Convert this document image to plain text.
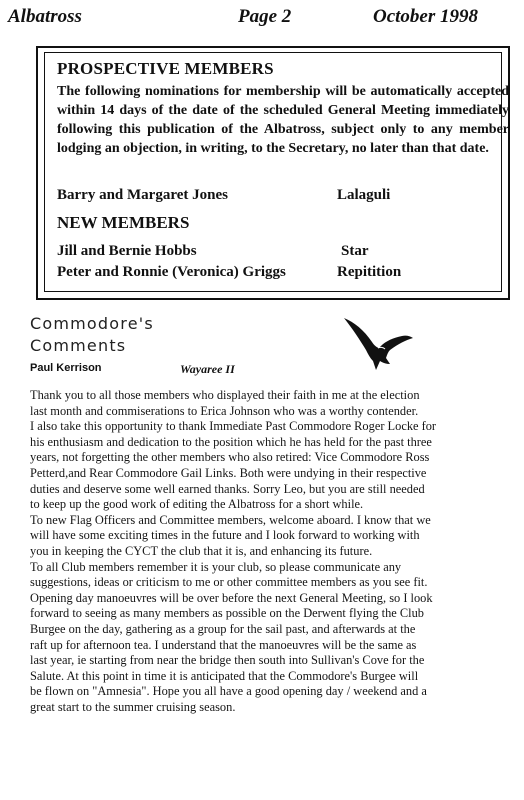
Albatross	Page 2	October 1998
PROSPECTIVE MEMBERS
The following nominations for membership will be automatically accepted within 14 days of the date of the scheduled General Meeting immediately following this publication of the Albatross, subject only to any member lodging an objection, in writing, to the Secretary, no later than that date.
Barry and Margaret Jones	Lalaguli
NEW MEMBERS
Jill and Bernie Hobbs	Star
Peter and Ronnie (Veronica) Griggs	Repitition
Commodore's
Comments
Paul Kerrison	Wayaree II
Thank you to all those members who displayed their faith in me at the election
last month and commiserations to Erica Johnson who was a worthy contender.
I also take this opportunity to thank Immediate Past Commodore Roger Locke for
his enthusiasm and dedication to the position which he has held for the past three
years, not forgetting the other members who also retired: Vice Commodore Ross
Petterd,and Rear Commodore Gail Links. Both were undying in their respective
duties and deserve some well earned thanks. Sorry Leo, but you are still needed
to keep up the good work of editing the Albatross for a short while.
To new Flag Officers and Committee members, welcome aboard. I know that we
will have some exciting times in the future and I look forward to working with
you in keeping the CYCT the club that it is, and enhancing its future.
To all Club members remember it is your club, so please communicate any
suggestions, ideas or criticism to me or other committee members as you see fit.
Opening day manoeuvres will be over before the next General Meeting, so I look
forward to seeing as many members as possible on the Derwent flying the Club
Burgee on the day, gathering as a group for the sail past, and afterwards at the
raft up for afternoon tea. I understand that the manoeuvres will be the same as
last year, ie starting from near the bridge then south into Sullivan's Cove for the
Salute. At this point in time it is anticipated that the Commodore's Burgee will
be flown on "Amnesia". Hope you all have a good opening day / weekend and a
great start to the summer cruising season.
